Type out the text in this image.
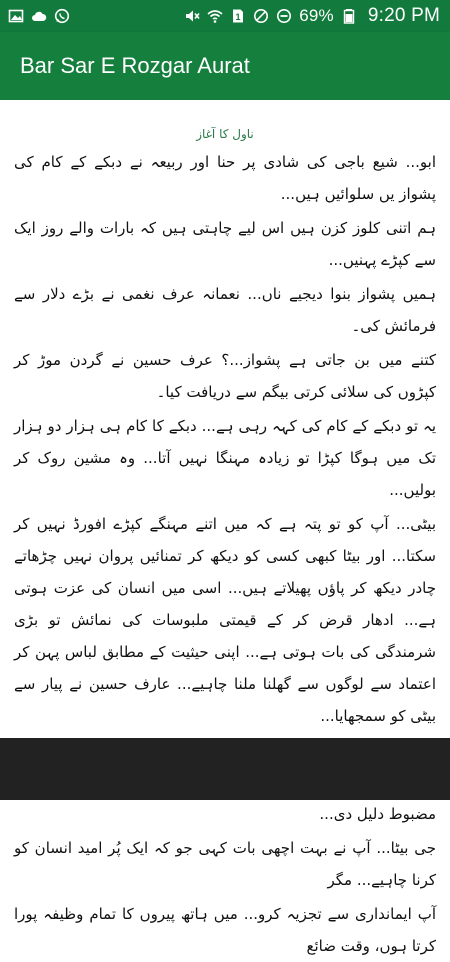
1	69% 9:20 PM
Bar Sar E Rozgar Aurat
ناول کا آغاز

ابو... شیع باجی کی شادی پر حنا اور ربیعہ نے دبکے کے کام کی پشواز یں سلوائیں ہیں...

ہم اتنی کلوز کزن ہیں اس لیے چاہتی ہیں کہ بارات والے روز ایک سے کپڑے پہنیں...

ہمیں پشواز بنوا دیجیے ناں... نعمانہ عرف نغمی نے بڑے دلار سے فرمائش کی۔

کتنے میں بن جاتی ہے پشواز...؟ عرف حسین نے گردن موڑ کر کپڑوں کی سلائی کرتی بیگم سے دریافت کیا۔

یہ تو دبکے کے کام کی کہہ رہی ہے... دبکے کا کام ہی ہزار دو ہزار تک میں ہوگا کپڑا تو زیادہ مہنگا نہیں آتا... وہ مشین روک کر بولیں...

بیٹی... آپ کو تو پتہ ہے کہ میں اتنے مہنگے کپڑے افورڈ نہیں کر سکتا... اور بیٹا کبھی کسی کو دیکھ کر تمنائیں پروان نہیں چڑھاتے چادر دیکھ کر پاؤں پھیلاتے ہیں... اسی میں انسان کی عزت ہوتی ہے... ادھار قرض کر کے قیمتی ملبوسات کی نمائش تو بڑی شرمندگی کی بات ہوتی ہے... اپنی حیثیت کے مطابق لباس پہن کر اعتماد سے لوگوں سے گھلنا ملنا چاہیے... عارف حسین نے پیار سے بیٹی کو سمجھایا...

مضبوط دلیل دی...

جی بیٹا... آپ نے بہت اچھی بات کہی جو کہ ایک پُر امید انسان کو کرنا چاہیے... مگر

آپ ایمانداری سے تجزیہ کرو... میں ہاتھ پیروں کا تمام وظیفہ پورا کرتا ہوں، وقت ضائع
